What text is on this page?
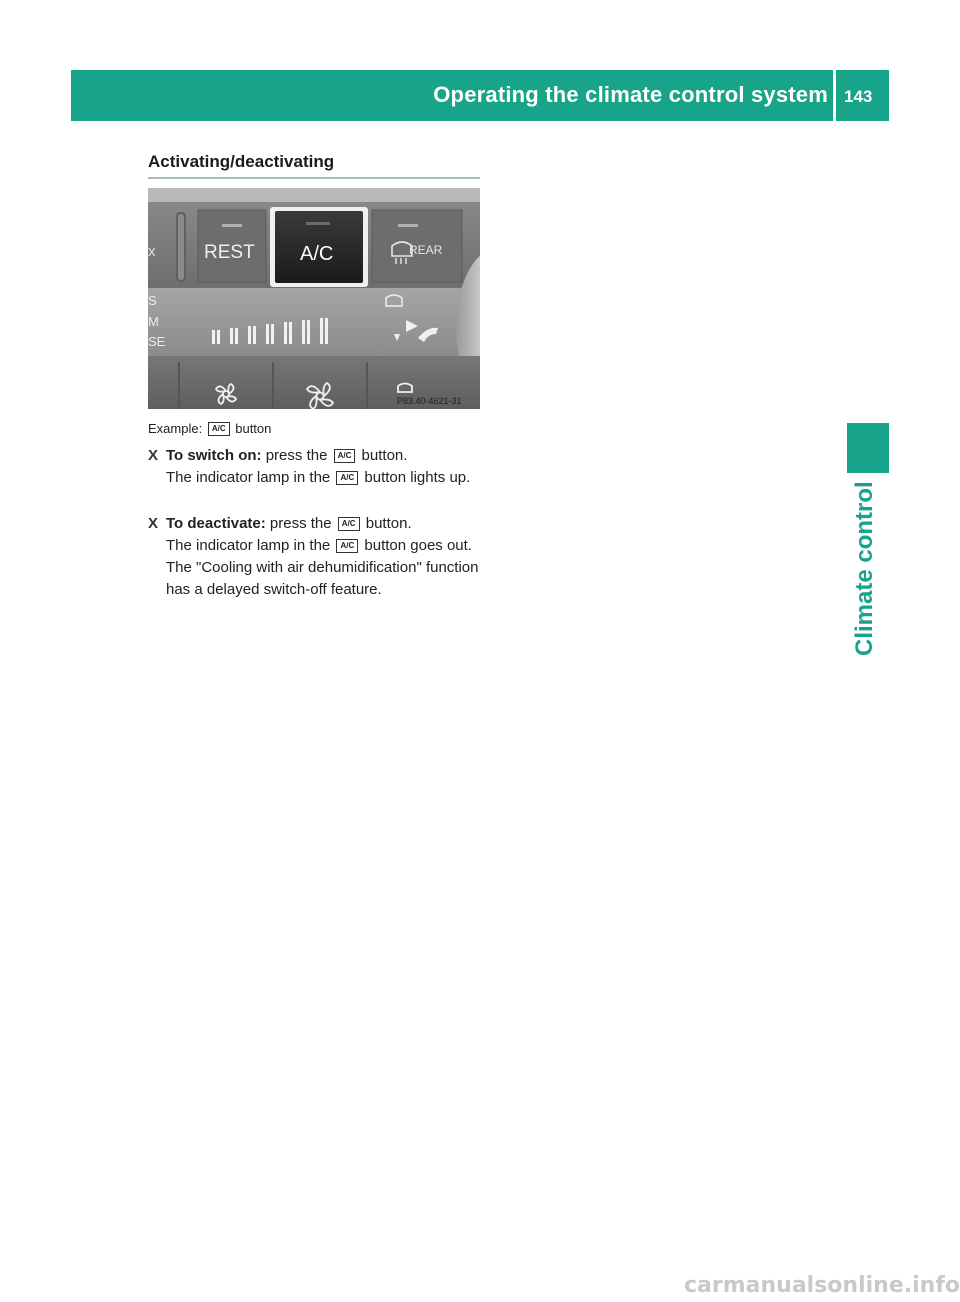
Operating the climate control system 143
Climate control
Activating/deactivating
x	REST A/C	REAR
S
M
SE
P83.40-4621-31
Example: A/C button
X To switch on: press the A/C button.
The indicator lamp in the A/C button lights up.
X To deactivate: press the A/C button.
The indicator lamp in the A/C button goes out. The "Cooling with air dehumidification" function has a delayed switch-off feature.
carmanualsonline.info
